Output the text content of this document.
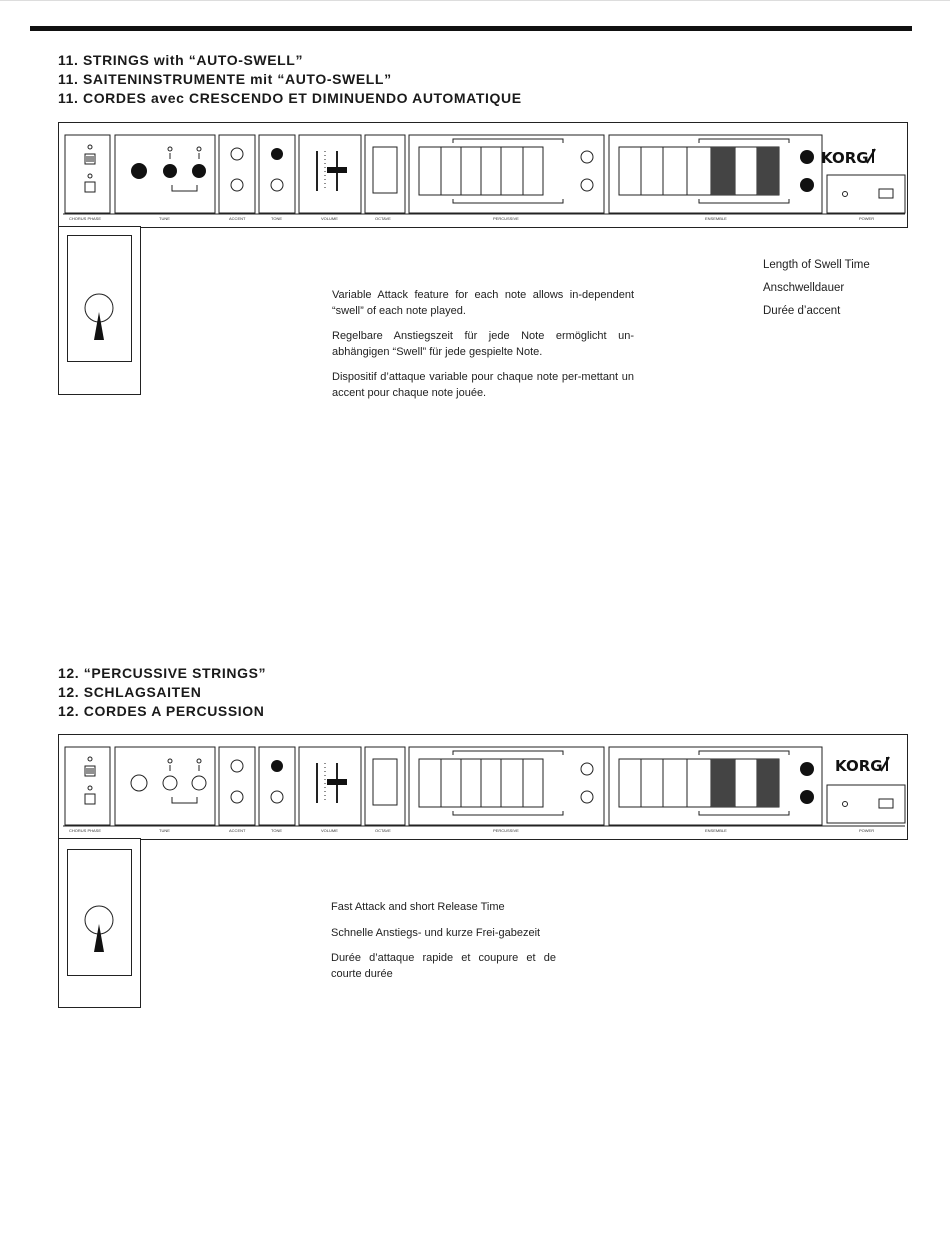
11. STRINGS with “AUTO-SWELL”
11. SAITENINSTRUMENTE mit “AUTO-SWELL”
11. CORDES avec CRESCENDO ET DIMINUENDO AUTOMATIQUE
KORG
CHORUS PHASE	TUNE	ACCENT	TONE	VOLUME	OCTAVE	PERCUSSIVE	ENSEMBLE	POWER

Variable Attack feature for each note allows in-dependent “swell” of each note played.

Regelbare Anstiegszeit für jede Note ermöglicht un-abhängigen “Swell” für jede gespielte Note.

Dispositif d’attaque variable pour chaque note per-mettant un accent pour chaque note jouée.

Length of Swell Time
Anschwelldauer
Durée d’accent
12. “PERCUSSIVE STRINGS”
12. SCHLAGSAITEN
12. CORDES A PERCUSSION
KORG
CHORUS PHASE	TUNE	ACCENT	TONE	VOLUME	OCTAVE	PERCUSSIVE	ENSEMBLE	POWER

Fast Attack and short Release Time

Schnelle Anstiegs- und kurze Frei-gabezeit

Durée d’attaque rapide et coupure et de courte durée
